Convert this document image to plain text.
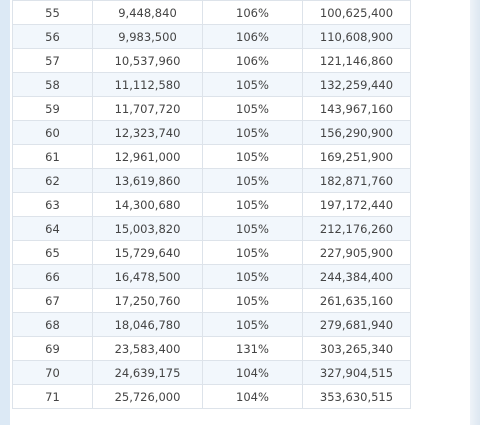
55	9,448,840	106%	100,625,400
56	9,983,500	106%	110,608,900
57	10,537,960	106%	121,146,860
58	11,112,580	105%	132,259,440
59	11,707,720	105%	143,967,160
60	12,323,740	105%	156,290,900
61	12,961,000	105%	169,251,900
62	13,619,860	105%	182,871,760
63	14,300,680	105%	197,172,440
64	15,003,820	105%	212,176,260
65	15,729,640	105%	227,905,900
66	16,478,500	105%	244,384,400
67	17,250,760	105%	261,635,160
68	18,046,780	105%	279,681,940
69	23,583,400	131%	303,265,340
70	24,639,175	104%	327,904,515
71	25,726,000	104%	353,630,515
